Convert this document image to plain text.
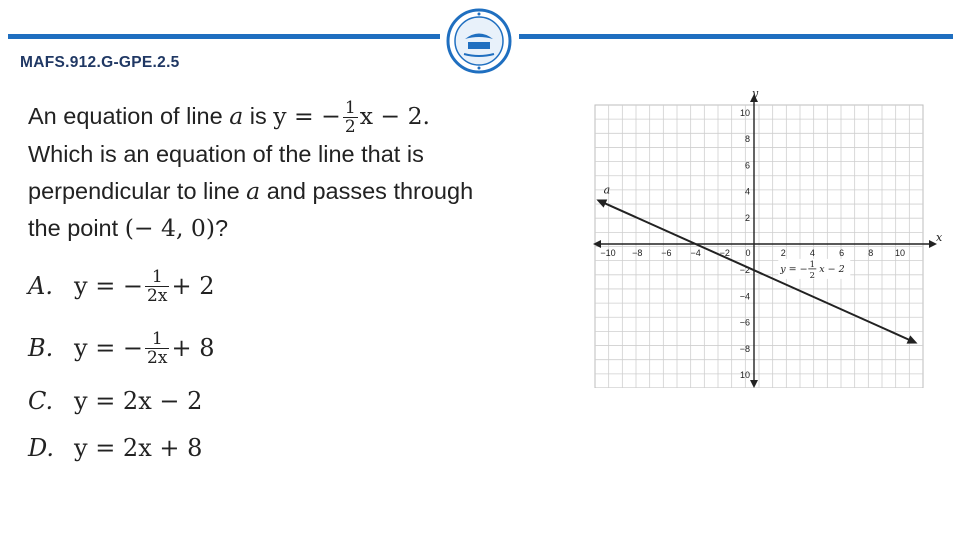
MAFS.912.G-GPE.2.5
An equation of line a is y = − $\frac{1}{2}$ x − 2.
Which is an equation of the line that is
perpendicular to line a and passes through
the point (− 4, 0)?
A. y = − $\frac{1}{2x} + 2$
B. y = − $\frac{1}{2x} + 8$
C. y = 2x − 2
D. y = 2x + 8
x
y
−10 −8 −6 −4 −2 0	2	4	6	8 10
10
8
6
4
2
−2
−4
−6
−8
10
a
y = − 1
2
x − 2
